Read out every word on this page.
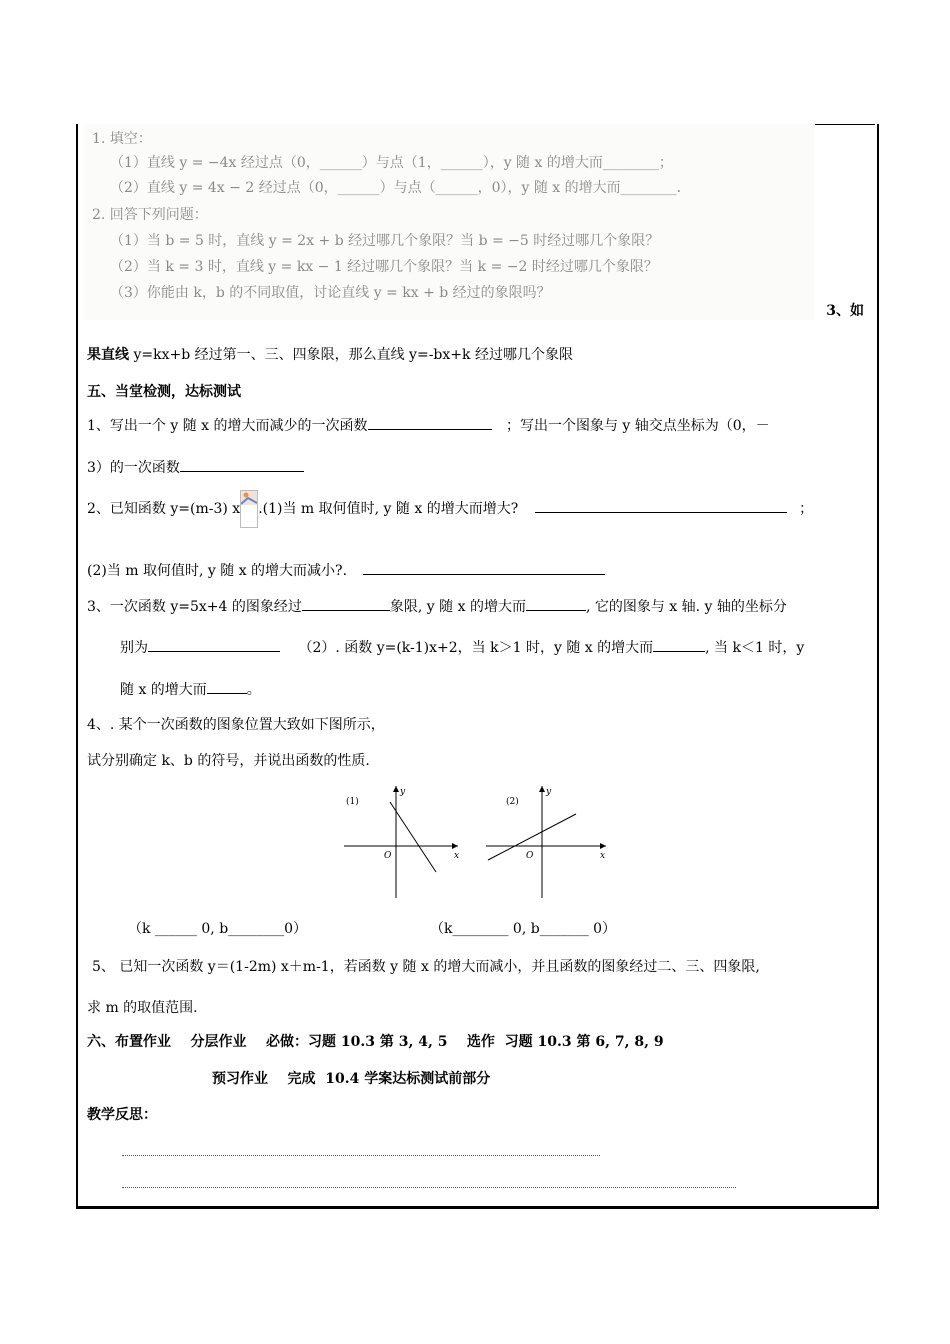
1. 填空：
（1）直线 y = −4x 经过点（0，______）与点（1，______），y 随 x 的增大而________；
（2）直线 y = 4x − 2 经过点（0，______）与点（______，0），y 随 x 的增大而________．
2. 回答下列问题：
（1）当 b = 5 时，直线 y = 2x + b 经过哪几个象限？当 b = −5 时经过哪几个象限？
（2）当 k = 3 时，直线 y = kx − 1 经过哪几个象限？当 k = −2 时经过哪几个象限？
（3）你能由 k，b 的不同取值，讨论直线 y = kx + b 经过的象限吗？
3、如
果直线 y=kx+b 经过第一、三、四象限，那么直线 y=-bx+k 经过哪几个象限
五、当堂检测，达标测试
1、写出一个 y 随 x 的增大而减少的一次函数	；写出一个图象与 y 轴交点坐标为（0，－
3）的一次函数
2、已知函数 y=(m-3) x .(1)当 m 取何值时, y 随 x 的增大而增大?	；
(2)当 m 取何值时, y 随 x 的增大而减小?.
3、一次函数 y=5x+4 的图象经过	象限, y 随 x 的增大而	, 它的图象与 x 轴. y 轴的坐标分
别为	（2）. 函数 y=(k-1)x+2，当 k＞1 时，y 随 x 的增大而	, 当 k＜1 时，y
随 x 的增大而	。
4、. 某个一次函数的图象位置大致如下图所示，
试分别确定 k、b 的符号，并说出函数的性质.
(1)
y
x
O
(2)
y
x
O
（k ______ 0, b________0）	（k________ 0, b_______ 0）
5、 已知一次函数 y＝(1-2m) x＋m-1，若函数 y 随 x 的增大而减小，并且函数的图象经过二、三、四象限,
求 m 的取值范围.
六、布置作业    分层作业    必做：习题 10.3 第 3, 4, 5    选作  习题 10.3 第 6, 7, 8, 9
预习作业    完成  10.4 学案达标测试前部分
教学反思：
